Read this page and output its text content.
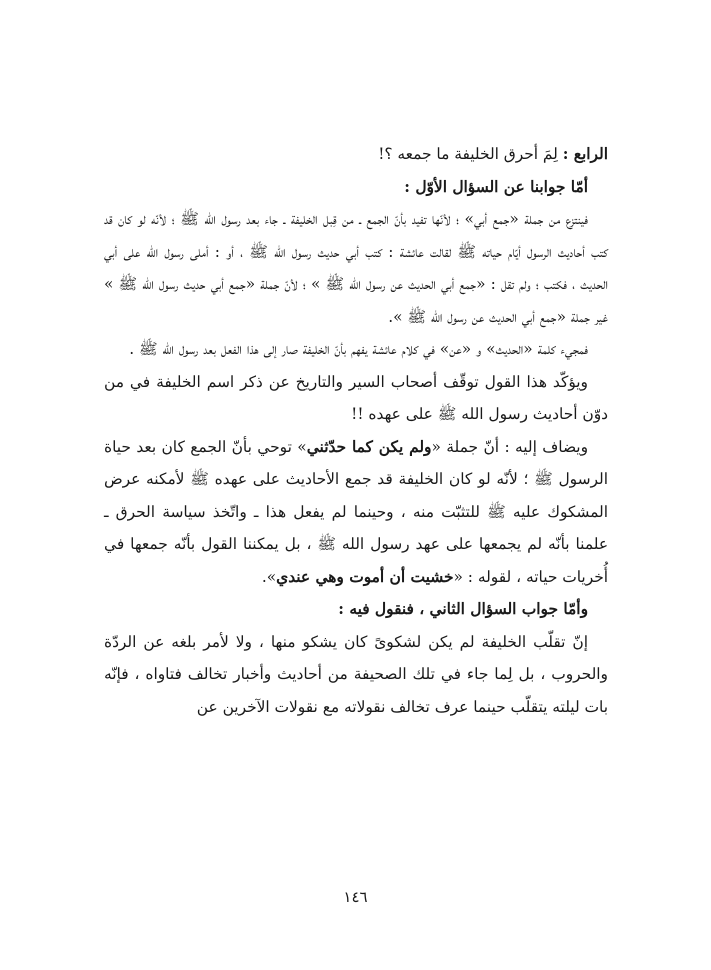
الرابع : لِمَ أحرق الخليفة ما جمعه ؟!

أمّا جوابنا عن السؤال الأوّل :

فينتزع من جملة «جمع أبي» ؛ لأنّها تفيد بأنّ الجمع ـ من قِبل الخليفة ـ جاء بعد رسول الله ﷺ ؛ لأنّه لو كان قد كتب أحاديث الرسول أيّام حياته ﷺ لقالت عائشة : كتب أبي حديث رسول الله ﷺ ، أو : أملى رسول الله على أبي الحديث ، فكتب ؛ ولم تقل : «جمع أبي الحديث عن رسول الله ﷺ » ؛ لأنّ جملة «جمع أبي حديث رسول الله ﷺ » غير جملة «جمع أبي الحديث عن رسول الله ﷺ ».

فمجيء كلمة «الحديث» و «عن» في كلام عائشة يفهم بأنّ الخليفة صار إلى هذا الفعل بعد رسول الله ﷺ .

ويؤكّد هذا القول توقّف أصحاب السير والتاريخ عن ذكر اسم الخليفة في من دوّن أحاديث رسول الله ﷺ على عهده !!

ويضاف إليه : أنّ جملة «ولم يكن كما حدّثني» توحي بأنّ الجمع كان بعد حياة الرسول ﷺ ؛ لأنّه لو كان الخليفة قد جمع الأحاديث على عهده ﷺ لأمكنه عرض المشكوك عليه ﷺ للتثبّت منه ، وحينما لم يفعل هذا ـ واتّخذ سياسة الحرق ـ علمنا بأنّه لم يجمعها على عهد رسول الله ﷺ ، بل يمكننا القول بأنّه جمعها في أُخريات حياته ، لقوله : «خشيت أن أموت وهي عندي».

وأمّا جواب السؤال الثاني ، فنقول فيه :

إنّ تقلّب الخليفة لم يكن لشكوىً كان يشكو منها ، ولا لأمر بلغه عن الردّة والحروب ، بل لِما جاء في تلك الصحيفة من أحاديث وأخبار تخالف فتاواه ، فإنّه بات ليلته يتقلّب حينما عرف تخالف نقولاته مع نقولات الآخرين عن

١٤٦
